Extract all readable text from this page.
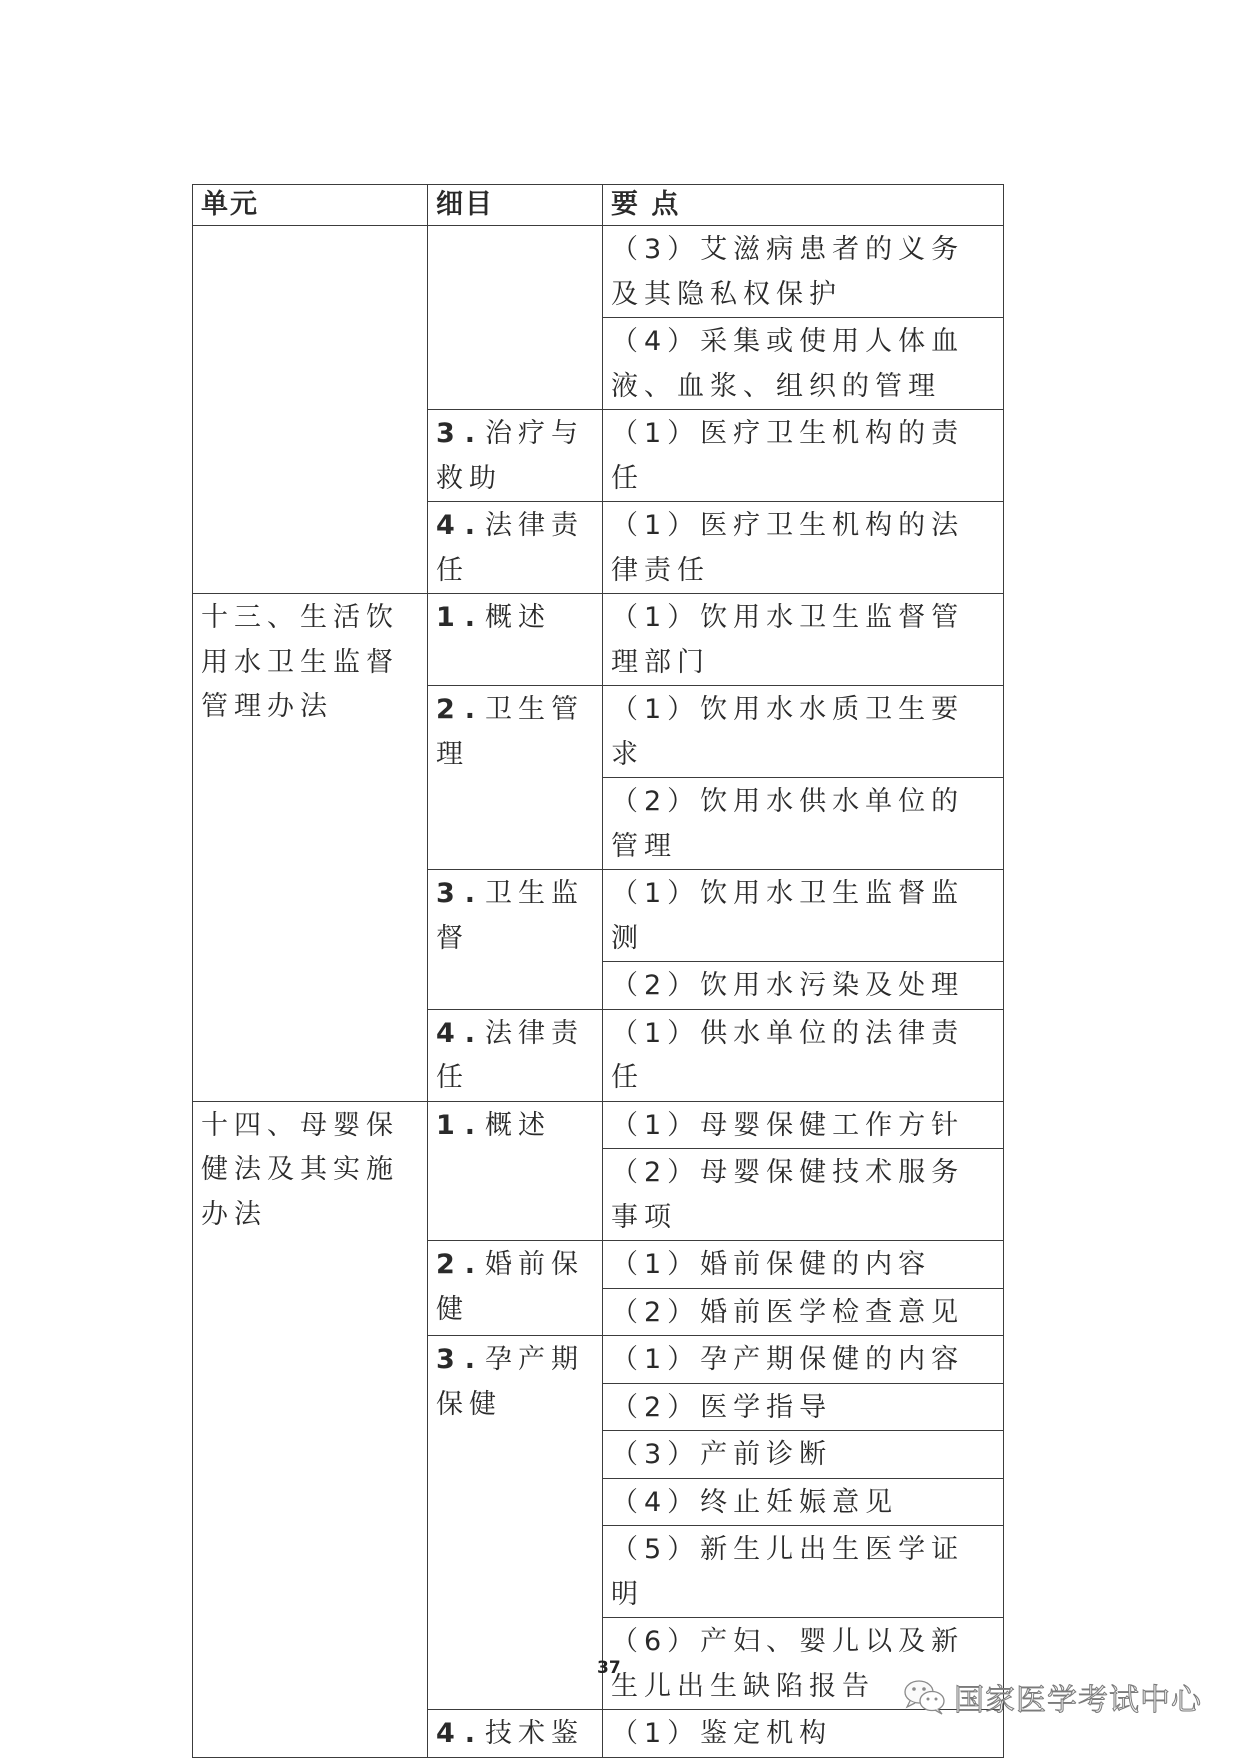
单元	细目	要 点
		（3）艾滋病患者的义务及其隐私权保护
		（4）采集或使用人体血液、血浆、组织的管理
	3.治疗与救助	（1）医疗卫生机构的责任
	4.法律责任	（1）医疗卫生机构的法律责任
十三、生活饮用水卫生监督管理办法	1.概述	（1）饮用水卫生监督管理部门
	2.卫生管理	（1）饮用水水质卫生要求
		（2）饮用水供水单位的管理
	3.卫生监督	（1）饮用水卫生监督监测
		（2）饮用水污染及处理
	4.法律责任	（1）供水单位的法律责任
十四、母婴保健法及其实施办法	1.概述	（1）母婴保健工作方针
		（2）母婴保健技术服务事项
	2.婚前保健	（1）婚前保健的内容
		（2）婚前医学检查意见
	3.孕产期保健	（1）孕产期保健的内容
		（2）医学指导
		（3）产前诊断
		（4）终止妊娠意见
		（5）新生儿出生医学证明
		（6）产妇、婴儿以及新生儿出生缺陷报告
	4.技术鉴	（1）鉴定机构
37
国家医学考试中心
